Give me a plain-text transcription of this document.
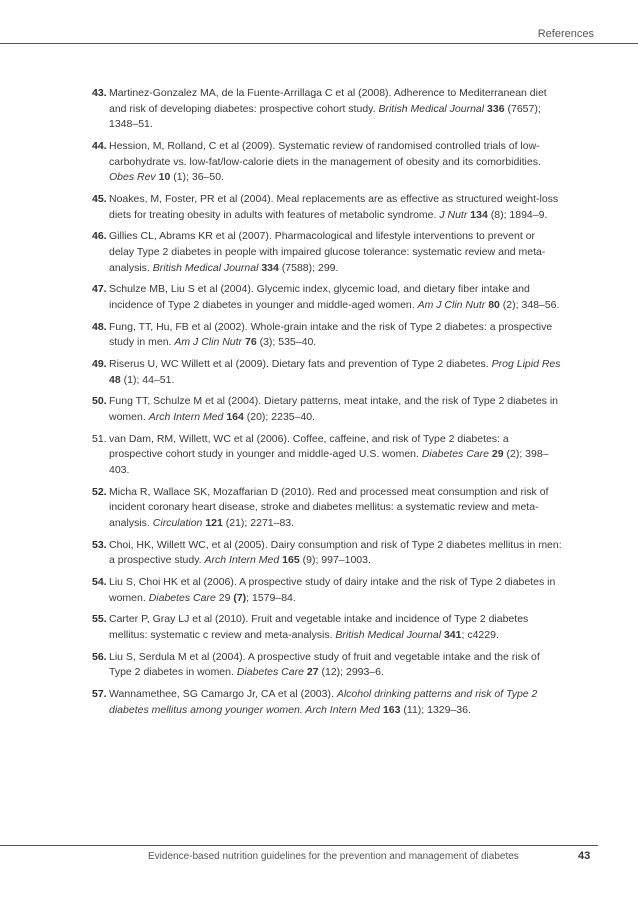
References
43. Martinez-Gonzalez MA, de la Fuente-Arrillaga C et al (2008). Adherence to Mediterranean diet and risk of developing diabetes: prospective cohort study. British Medical Journal 336 (7657); 1348–51.
44. Hession, M, Rolland, C et al (2009). Systematic review of randomised controlled trials of low-carbohydrate vs. low-fat/low-calorie diets in the management of obesity and its comorbidities. Obes Rev 10 (1); 36–50.
45. Noakes, M, Foster, PR et al (2004). Meal replacements are as effective as structured weight-loss diets for treating obesity in adults with features of metabolic syndrome. J Nutr 134 (8); 1894–9.
46. Gillies CL, Abrams KR et al (2007). Pharmacological and lifestyle interventions to prevent or delay Type 2 diabetes in people with impaired glucose tolerance: systematic review and meta-analysis. British Medical Journal 334 (7588); 299.
47. Schulze MB, Liu S et al (2004). Glycemic index, glycemic load, and dietary fiber intake and incidence of Type 2 diabetes in younger and middle-aged women. Am J Clin Nutr 80 (2); 348–56.
48. Fung, TT, Hu, FB et al (2002). Whole-grain intake and the risk of Type 2 diabetes: a prospective study in men. Am J Clin Nutr 76 (3); 535–40.
49. Riserus U, WC Willett et al (2009). Dietary fats and prevention of Type 2 diabetes. Prog Lipid Res 48 (1); 44–51.
50. Fung TT, Schulze M et al (2004). Dietary patterns, meat intake, and the risk of Type 2 diabetes in women. Arch Intern Med 164 (20); 2235–40.
51. van Dam, RM, Willett, WC et al (2006). Coffee, caffeine, and risk of Type 2 diabetes: a prospective cohort study in younger and middle-aged U.S. women. Diabetes Care 29 (2); 398–403.
52. Micha R, Wallace SK, Mozaffarian D (2010). Red and processed meat consumption and risk of incident coronary heart disease, stroke and diabetes mellitus: a systematic review and meta-analysis. Circulation 121 (21); 2271–83.
53. Choi, HK, Willett WC, et al (2005). Dairy consumption and risk of Type 2 diabetes mellitus in men: a prospective study. Arch Intern Med 165 (9); 997–1003.
54. Liu S, Choi HK et al (2006). A prospective study of dairy intake and the risk of Type 2 diabetes in women. Diabetes Care 29 (7); 1579–84.
55. Carter P, Gray LJ et al (2010). Fruit and vegetable intake and incidence of Type 2 diabetes mellitus: systematic c review and meta-analysis. British Medical Journal 341; c4229.
56. Liu S, Serdula M et al (2004). A prospective study of fruit and vegetable intake and the risk of Type 2 diabetes in women. Diabetes Care 27 (12); 2993–6.
57. Wannamethee, SG Camargo Jr, CA et al (2003). Alcohol drinking patterns and risk of Type 2 diabetes mellitus among younger women. Arch Intern Med 163 (11); 1329–36.
Evidence-based nutrition guidelines for the prevention and management of diabetes	43
